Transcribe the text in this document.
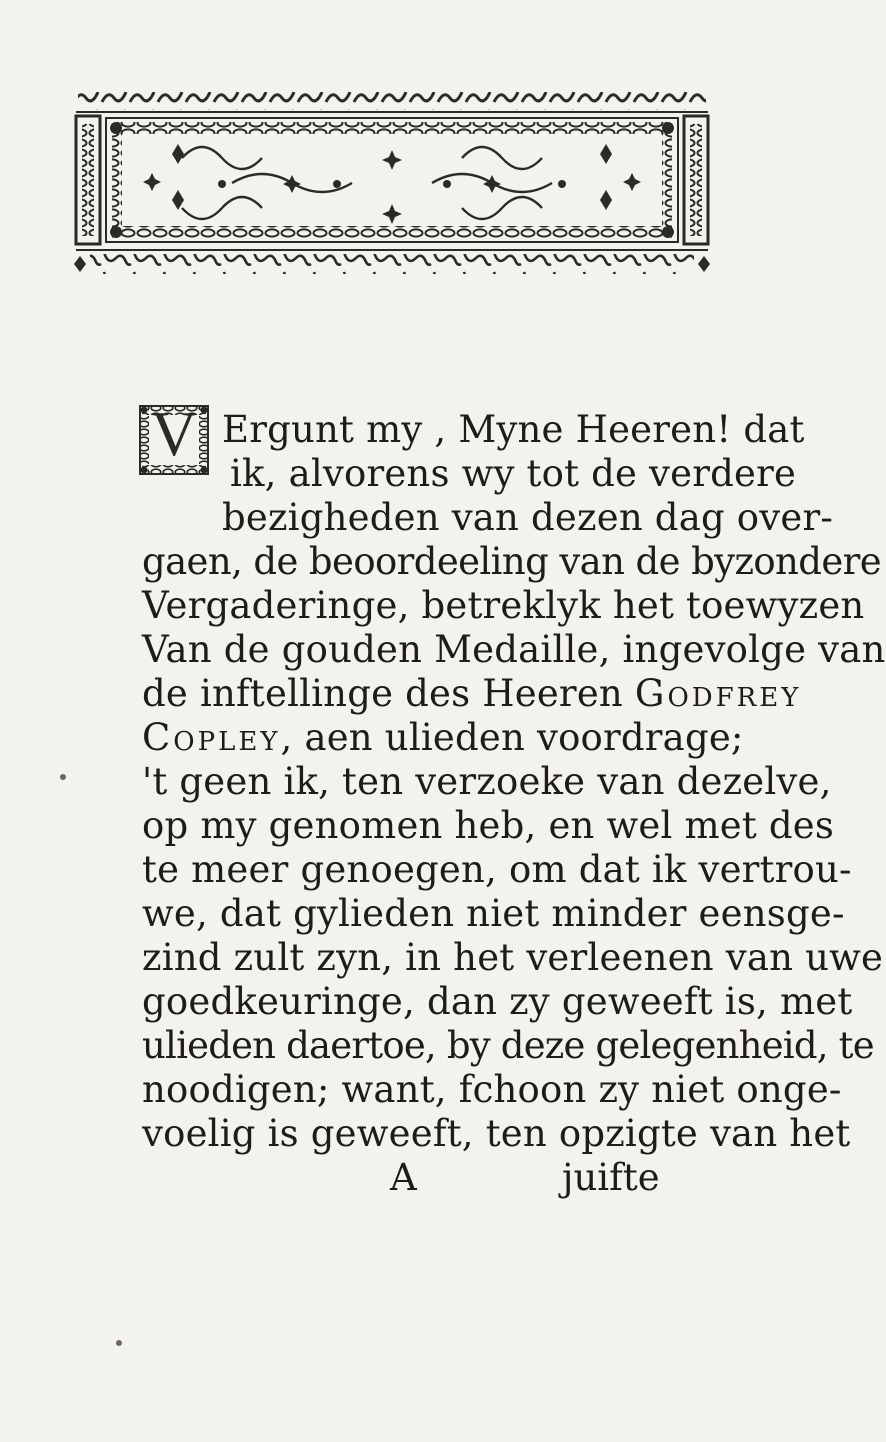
V Ergunt my , Myne Heeren! dat
ik, alvorens wy tot de verdere
bezigheden van dezen dag over-
gaen, de beoordeeling van de byzondere
Vergaderinge, betreklyk het toewyzen
Van de gouden Medaille, ingevolge van
de inftellinge des Heeren Godfrey
Copley, aen ulieden voordrage;
't geen ik, ten verzoeke van dezelve,
op my genomen heb, en wel met des
te meer genoegen, om dat ik vertrou-
we, dat gylieden niet minder eensge-
zind zult zyn, in het verleenen van uwe
goedkeuringe, dan zy geweeft is, met
ulieden daertoe, by deze gelegenheid, te
noodigen; want, fchoon zy niet onge-
voelig is geweeft, ten opzigte van het
A	juifte
